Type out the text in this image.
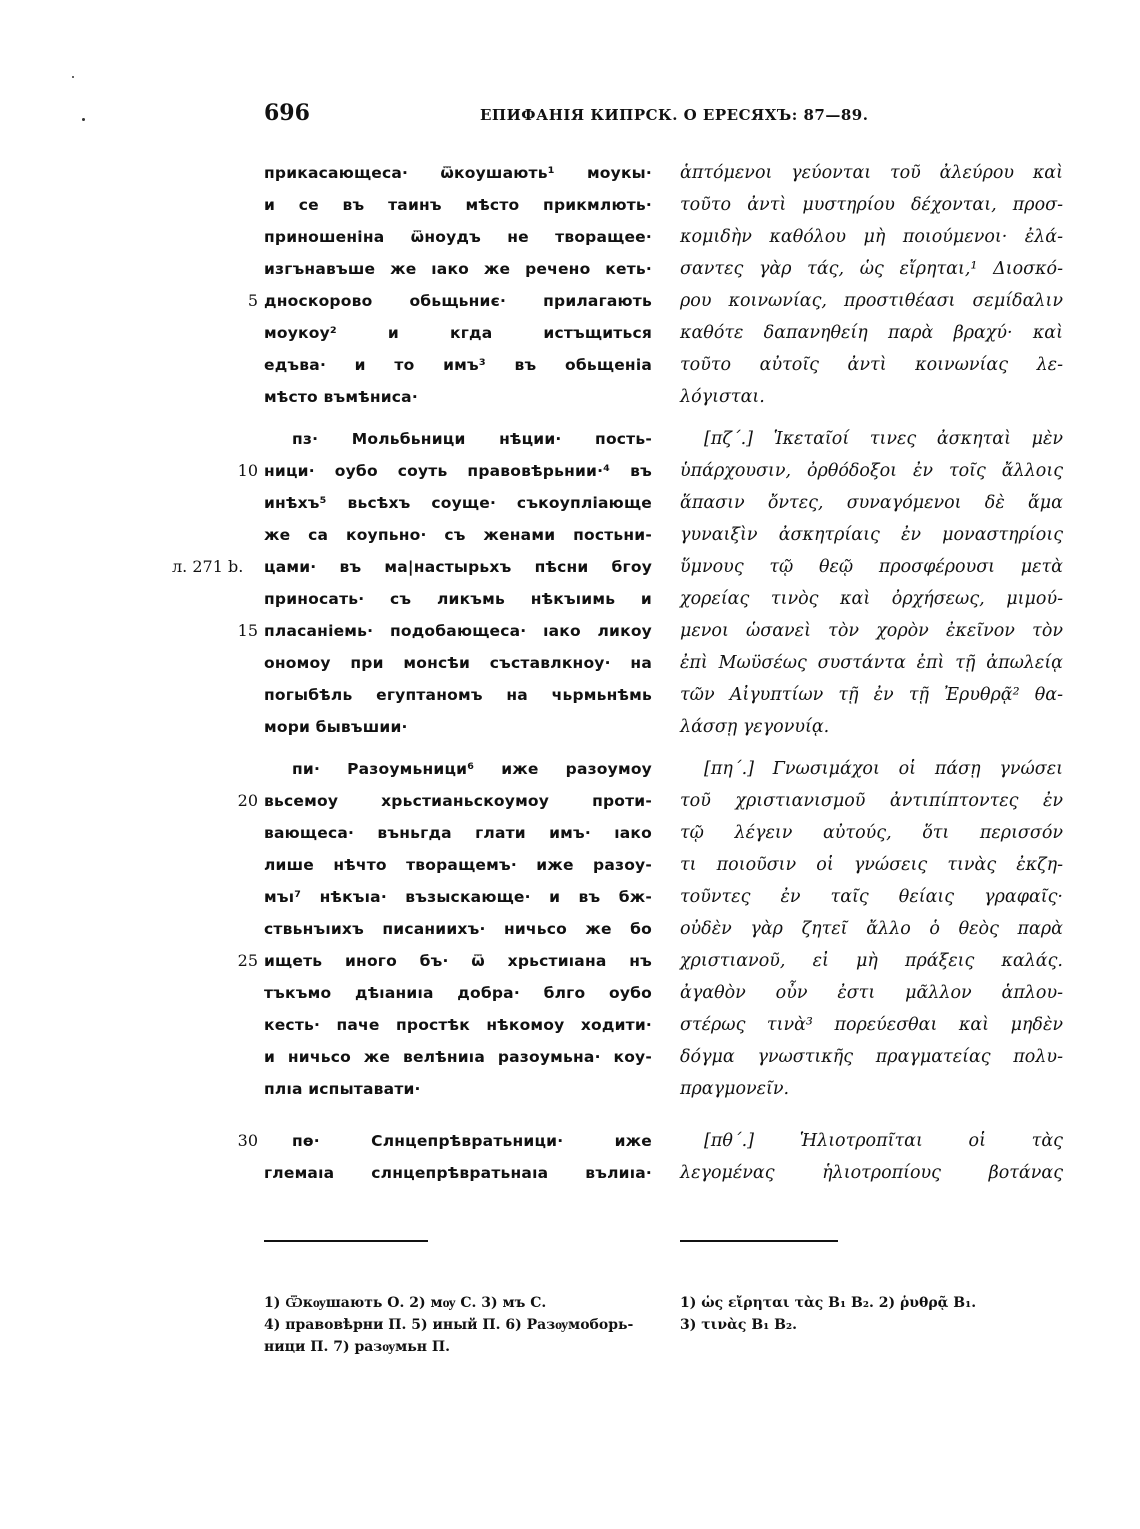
696	ЕПИФАНІЯ КИПРСК. О ЕРЕСЯХЪ: 87—89.
прикасающеса· ѿкоушають¹ моукы·
и се въ таинъ мѣсто прикмлють·
приношеніна ѿноудъ не творащее·
изгънавъше же ıако же речено кеть·
дноскорово обьщьниє· прилагають
моукоу² и кгда истъщиться
едъва· и то имъ³ въ обьщеніа
мѣсто въмѣниса·
пз· Мольбьници нѣции· пость-
ници· оубо соуть правовѣрьнии·⁴ въ
инѣхъ⁵ вьсѣхъ соуще· съкоупліающе
же са коупьно· съ женами постьни-
цами· въ ма|настырьхъ пѣсни бгоу
приносать· съ ликъмь нѣкъıимь и
пласаніемь· подобающеса· ıако ликоу
ономоу при монсѣи съставлкноу· на
погыбѣль егуптаномъ на чьрмьнѣмь
мори бывъшии·
пи· Разоумьници⁶ иже разоумоу
вьсемоу хрьстианьскоумоу проти-
вающеса· въньгда глати имъ· ıако
лише нѣчто творащемъ· иже разоу-
мъı⁷ нѣкъıа· възыскающе· и въ бж-
ствьнъıихъ писаниихъ· ничьсо же бо
ищеть иного бъ· ѿ хрьстиıана нъ
тъкъмо дѣıаниıа добра· блго оубо
кесть· паче простѣк нѣкомоу ходити·
и ничьсо же велѣниıа разоумьна· коу-
плıа испытавати·
пѳ· Слнцепрѣвратьници· иже
глемаıа слнцепрѣвратьнаıа вълиıа·
5
10
15
20
25
30
л. 271 b.
ἁπτόμενοι γεύονται τοῦ ἀλεύρου καὶ
τοῦτο ἀντὶ μυστηρίου δέχονται, προσ-
κομιδὴν καθόλου μὴ ποιούμενοι· ἐλά-
σαντες γὰρ τάς, ὡς εἴρηται,¹ Διοσκό-
ρου κοινωνίας, προστιθέασι σεμίδαλιν
καθότε δαπανηθείη παρὰ βραχύ· καὶ
τοῦτο αὐτοῖς ἀντὶ κοινωνίας λε-
λόγισται.
[πζ΄.] Ἱκεταῖοί τινες ἀσκηταὶ μὲν
ὑπάρχουσιν, ὀρθόδοξοι ἐν τοῖς ἄλλοις
ἅπασιν ὄντες, συναγόμενοι δὲ ἅμα
γυναιξὶν ἀσκητρίαις ἐν μοναστηρίοις
ὕμνους τῷ θεῷ προσφέρουσι μετὰ
χορείας τινὸς καὶ ὀρχήσεως, μιμού-
μενοι ὡσανεὶ τὸν χορὸν ἐκεῖνον τὸν
ἐπὶ Μωϋσέως συστάντα ἐπὶ τῇ ἀπωλείᾳ
τῶν Αἰγυπτίων τῇ ἐν τῇ Ἐρυθρᾷ² θα-
λάσσῃ γεγονυίᾳ.
[πη΄.] Γνωσιμάχοι οἱ πάσῃ γνώσει
τοῦ χριστιανισμοῦ ἀντιπίπτοντες ἐν
τῷ λέγειν αὐτούς, ὅτι περισσόν
τι ποιοῦσιν οἱ γνώσεις τινὰς ἐκζη-
τοῦντες ἐν ταῖς θείαις γραφαῖς·
οὐδὲν γὰρ ζητεῖ ἄλλο ὁ θεὸς παρὰ
χριστιανοῦ, εἰ μὴ πράξεις καλάς.
ἀγαθὸν οὖν ἐστι μᾶλλον ἁπλου-
στέρως τινὰ³ πορεύεσθαι καὶ μηδὲν
δόγμα γνωστικῆς πραγματείας πολυ-
πραγμονεῖν.
[πθ΄.] Ἡλιοτροπῖται οἱ τὰς
λεγομένας ἡλιοτροπίους βοτάνας
1) Ѿкѹшають О. 2) мѹ С. 3) мъ С.
4) правовѣрни П. 5) иный П. 6) Разѹмоборь-
ници П. 7) разѹмьн П.
1) ὡς εἴρηται τὰς B₁ B₂. 2) ῥυθρᾷ B₁.
3) τινὰς B₁ B₂.
